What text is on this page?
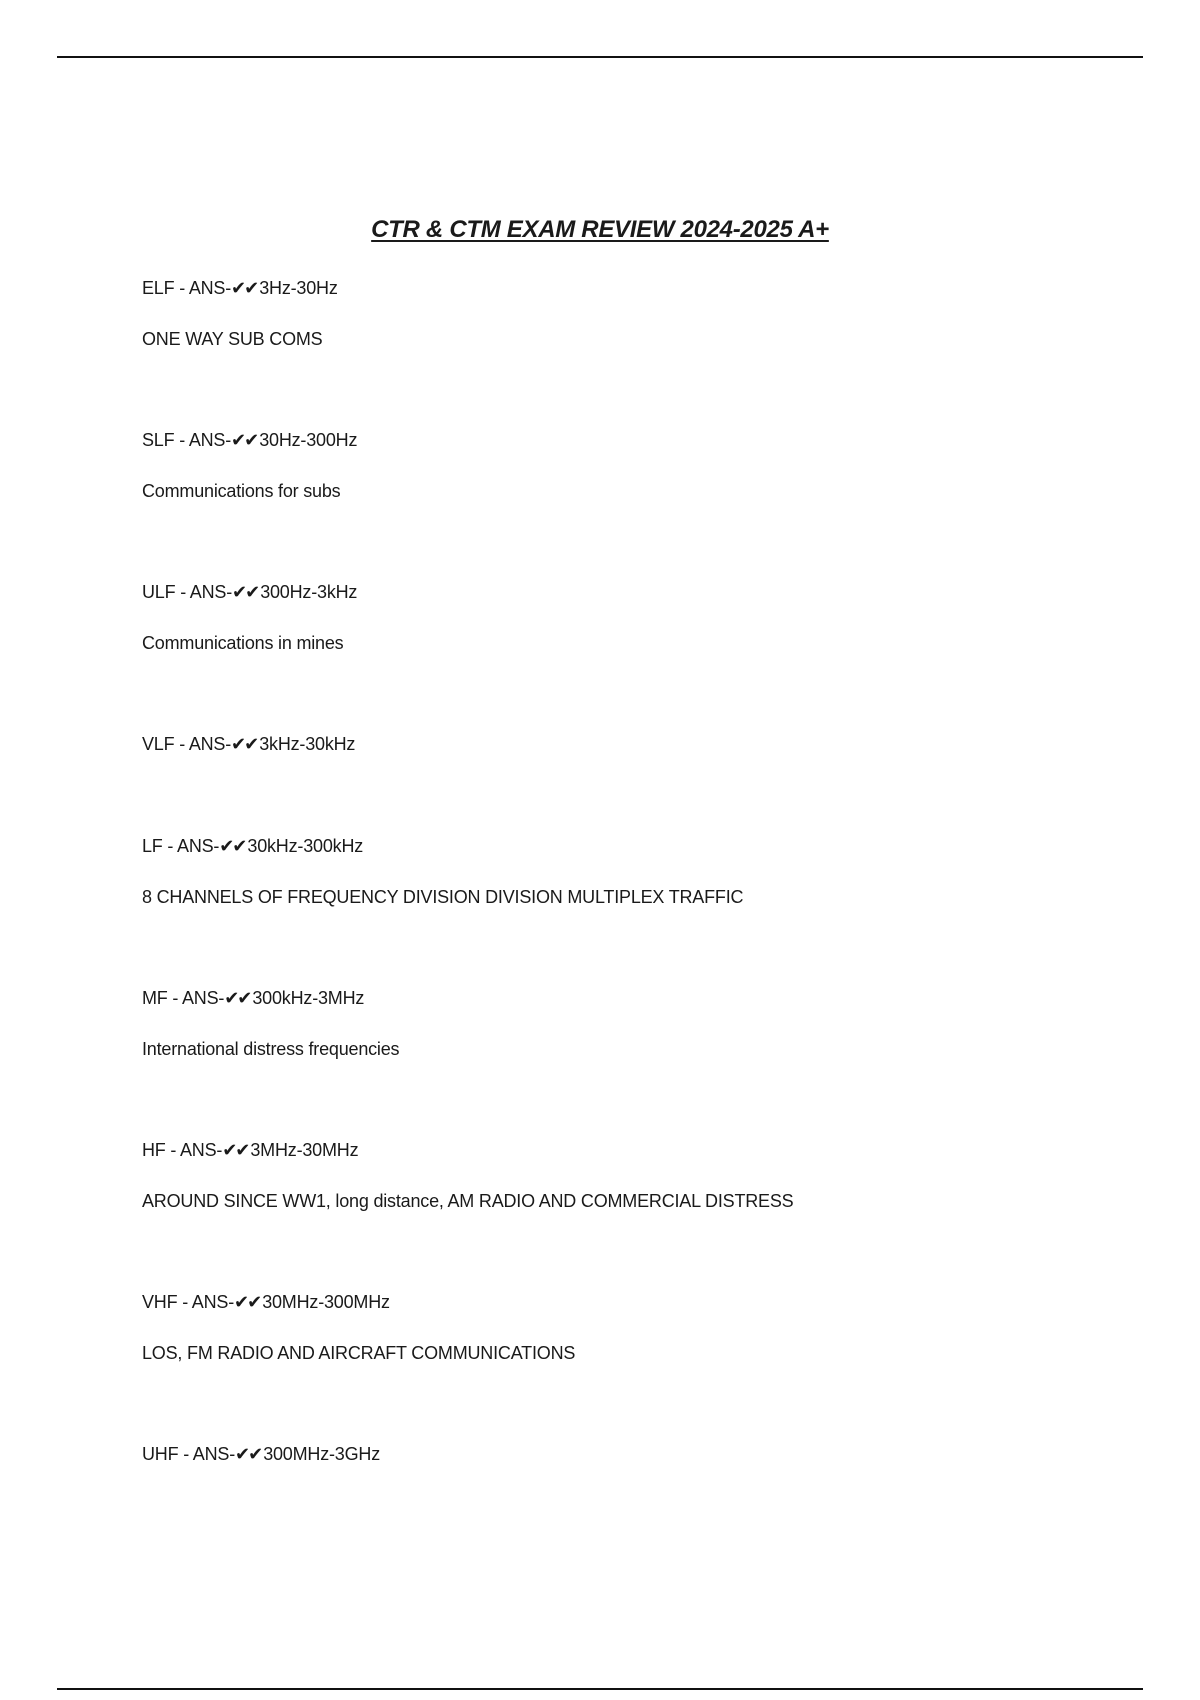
CTR & CTM EXAM REVIEW 2024-2025 A+
ELF - ANS-✔✔ 3Hz-30Hz
ONE WAY SUB COMS
SLF - ANS-✔✔ 30Hz-300Hz
Communications for subs
ULF - ANS-✔✔ 300Hz-3kHz
Communications in mines
VLF - ANS-✔✔ 3kHz-30kHz
LF - ANS-✔✔ 30kHz-300kHz
8 CHANNELS OF FREQUENCY DIVISION DIVISION MULTIPLEX TRAFFIC
MF - ANS-✔✔ 300kHz-3MHz
International distress frequencies
HF - ANS-✔✔ 3MHz-30MHz
AROUND SINCE WW1, long distance, AM RADIO AND COMMERCIAL DISTRESS
VHF - ANS-✔✔ 30MHz-300MHz
LOS, FM RADIO AND AIRCRAFT COMMUNICATIONS
UHF - ANS-✔✔ 300MHz-3GHz
